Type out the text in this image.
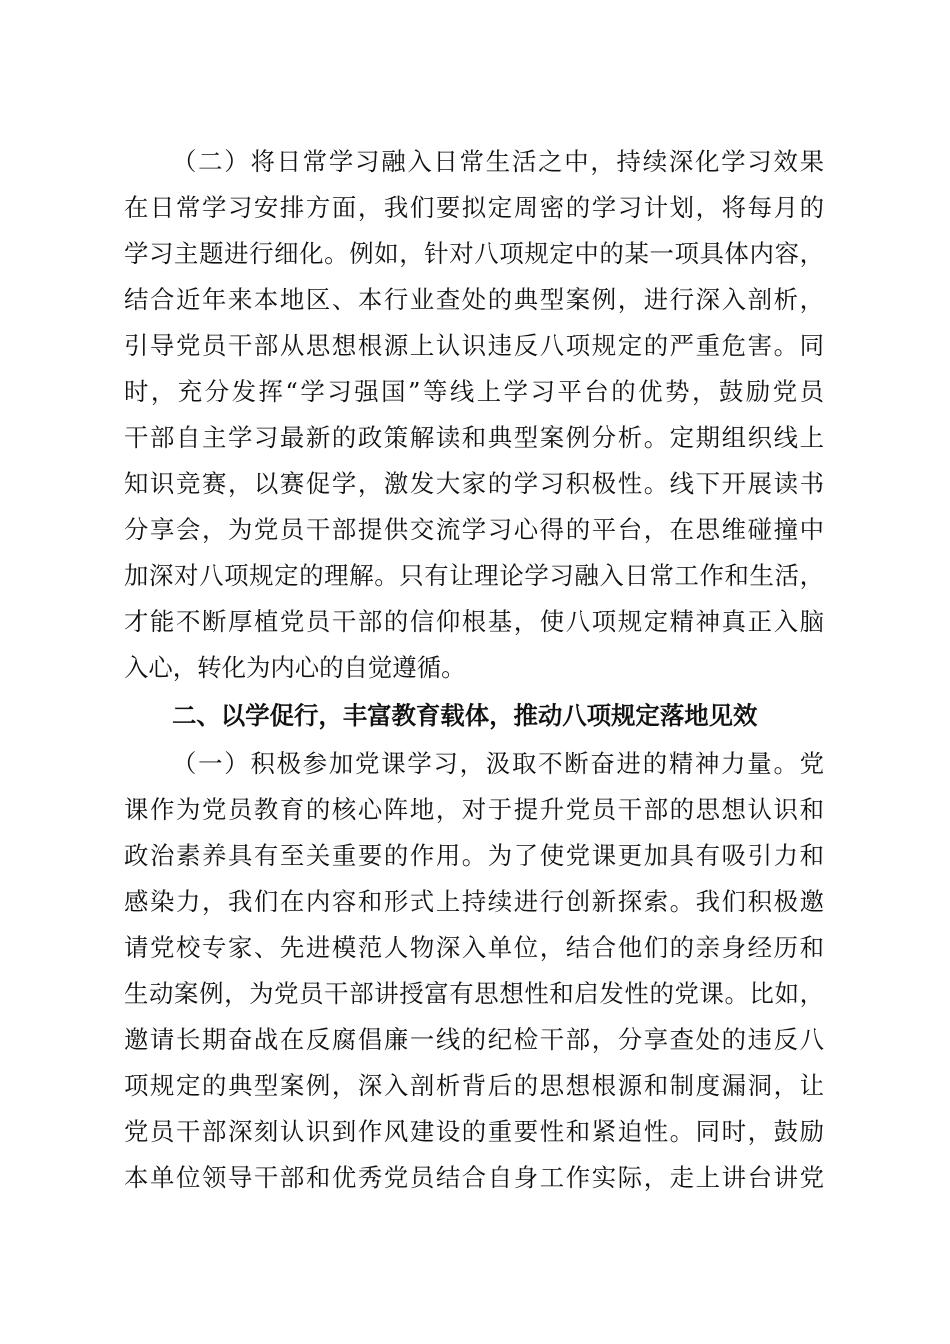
（二）将日常学习融入日常生活之中，持续深化学习效果
在日常学习安排方面，我们要拟定周密的学习计划，将每月的
学习主题进行细化。例如，针对八项规定中的某一项具体内容，
结合近年来本地区、本行业查处的典型案例，进行深入剖析，
引导党员干部从思想根源上认识违反八项规定的严重危害。同
时，充分发挥“学习强国”等线上学习平台的优势，鼓励党员
干部自主学习最新的政策解读和典型案例分析。定期组织线上
知识竞赛，以赛促学，激发大家的学习积极性。线下开展读书
分享会，为党员干部提供交流学习心得的平台，在思维碰撞中
加深对八项规定的理解。只有让理论学习融入日常工作和生活，
才能不断厚植党员干部的信仰根基，使八项规定精神真正入脑
入心，转化为内心的自觉遵循。
二、以学促行，丰富教育载体，推动八项规定落地见效
（一）积极参加党课学习，汲取不断奋进的精神力量。党
课作为党员教育的核心阵地，对于提升党员干部的思想认识和
政治素养具有至关重要的作用。为了使党课更加具有吸引力和
感染力，我们在内容和形式上持续进行创新探索。我们积极邀
请党校专家、先进模范人物深入单位，结合他们的亲身经历和
生动案例，为党员干部讲授富有思想性和启发性的党课。比如，
邀请长期奋战在反腐倡廉一线的纪检干部，分享查处的违反八
项规定的典型案例，深入剖析背后的思想根源和制度漏洞，让
党员干部深刻认识到作风建设的重要性和紧迫性。同时，鼓励
本单位领导干部和优秀党员结合自身工作实际，走上讲台讲党
